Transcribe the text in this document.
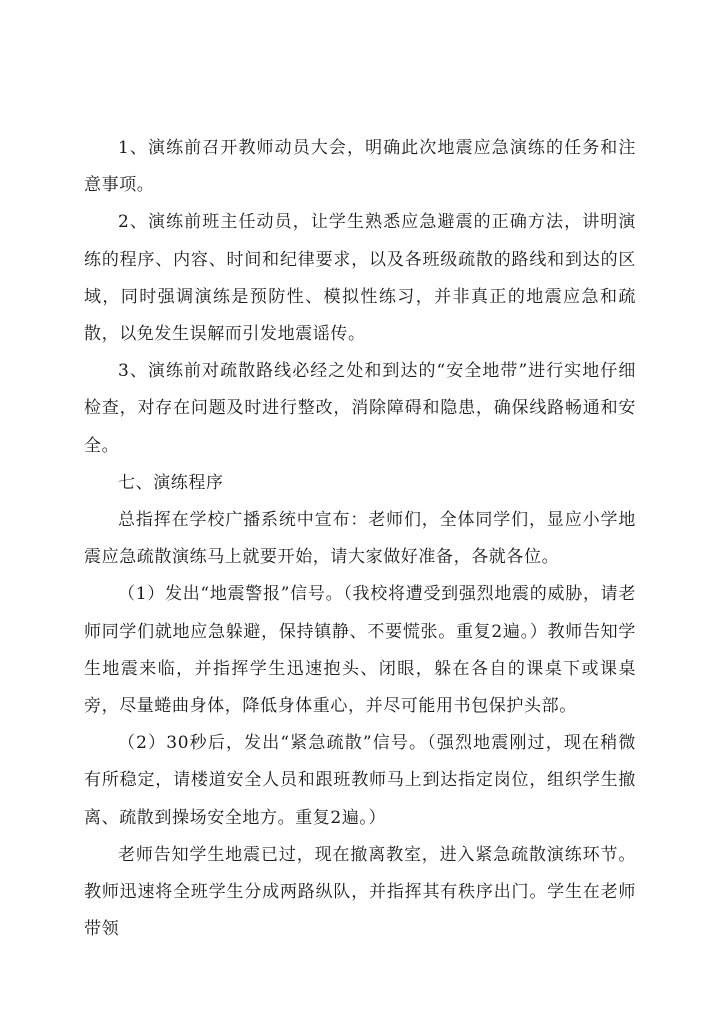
1、演练前召开教师动员大会，明确此次地震应急演练的任务和注意事项。

2、演练前班主任动员，让学生熟悉应急避震的正确方法，讲明演练的程序、内容、时间和纪律要求，以及各班级疏散的路线和到达的区域，同时强调演练是预防性、模拟性练习，并非真正的地震应急和疏散，以免发生误解而引发地震谣传。

3、演练前对疏散路线必经之处和到达的“安全地带”进行实地仔细检查，对存在问题及时进行整改，消除障碍和隐患，确保线路畅通和安全。

七、演练程序

总指挥在学校广播系统中宣布：老师们，全体同学们，显应小学地震应急疏散演练马上就要开始，请大家做好准备，各就各位。

（1）发出“地震警报”信号。（我校将遭受到强烈地震的威胁，请老师同学们就地应急躲避，保持镇静、不要慌张。重复2遍。）教师告知学生地震来临，并指挥学生迅速抱头、闭眼，躲在各自的课桌下或课桌旁，尽量蜷曲身体，降低身体重心，并尽可能用书包保护头部。

（2）30秒后，发出“紧急疏散”信号。（强烈地震刚过，现在稍微有所稳定，请楼道安全人员和跟班教师马上到达指定岗位，组织学生撤离、疏散到操场安全地方。重复2遍。）

老师告知学生地震已过，现在撤离教室，进入紧急疏散演练环节。教师迅速将全班学生分成两路纵队，并指挥其有秩序出门。学生在老师带领
